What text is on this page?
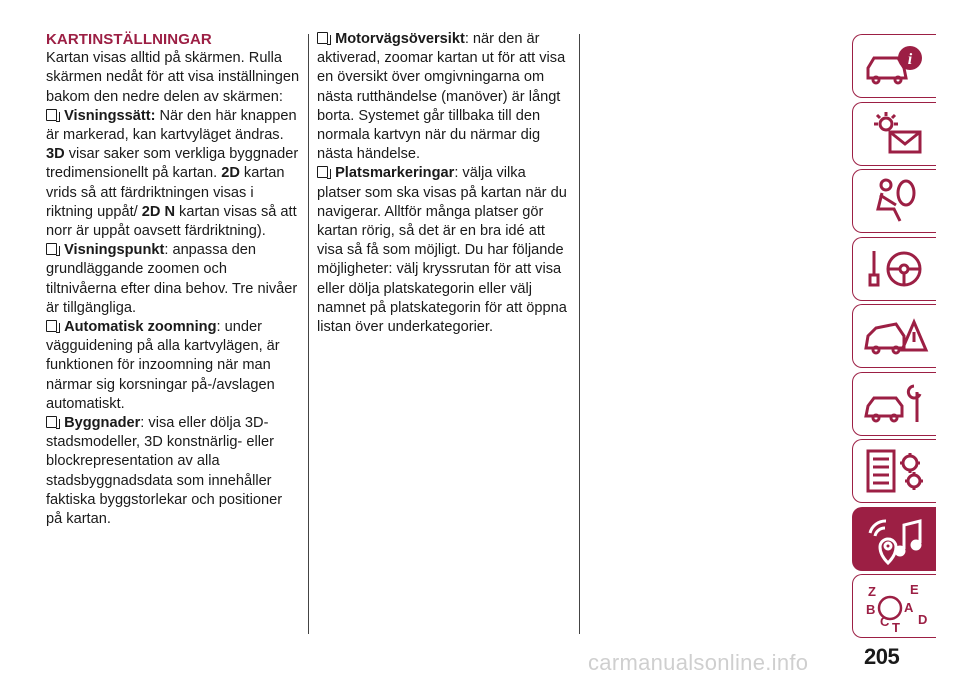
KARTINSTÄLLNINGAR

Kartan visas alltid på skärmen. Rulla skärmen nedåt för att visa inställningen bakom den nedre delen av skärmen:

Visningssätt: När den här knappen är markerad, kan kartvyläget ändras. 3D visar saker som verkliga byggnader tredimensionellt på kartan. 2D kartan vrids så att färdriktningen visas i riktning uppåt/ 2D N kartan visas så att norr är uppåt oavsett färdriktning).

Visningspunkt: anpassa den grundläggande zoomen och tiltnivåerna efter dina behov. Tre nivåer är tillgängliga.

Automatisk zoomning: under vägguidening på alla kartvylägen, är funktionen för inzoomning när man närmar sig korsningar på-/avslagen automatiskt.

Byggnader: visa eller dölja 3D-stadsmodeller, 3D konstnärlig- eller blockrepresentation av alla stadsbyggnadsdata som innehåller faktiska byggstorlekar och positioner på kartan.

Motorvägsöversikt: när den är aktiverad, zoomar kartan ut för att visa en översikt över omgivningarna om nästa rutthändelse (manöver) är långt borta. Systemet går tillbaka till den normala kartvyn när du närmar dig nästa händelse.

Platsmarkeringar: välja vilka platser som ska visas på kartan när du navigerar. Alltför många platser gör kartan rörig, så det är en bra idé att visa så få som möjligt. Du har följande möjligheter: välj kryssrutan för att visa eller dölja platskategorin eller välj namnet på platskategorin för att öppna listan över underkategorier.

i
Z	E
B A
D
C T
205
carmanualsonline.info
